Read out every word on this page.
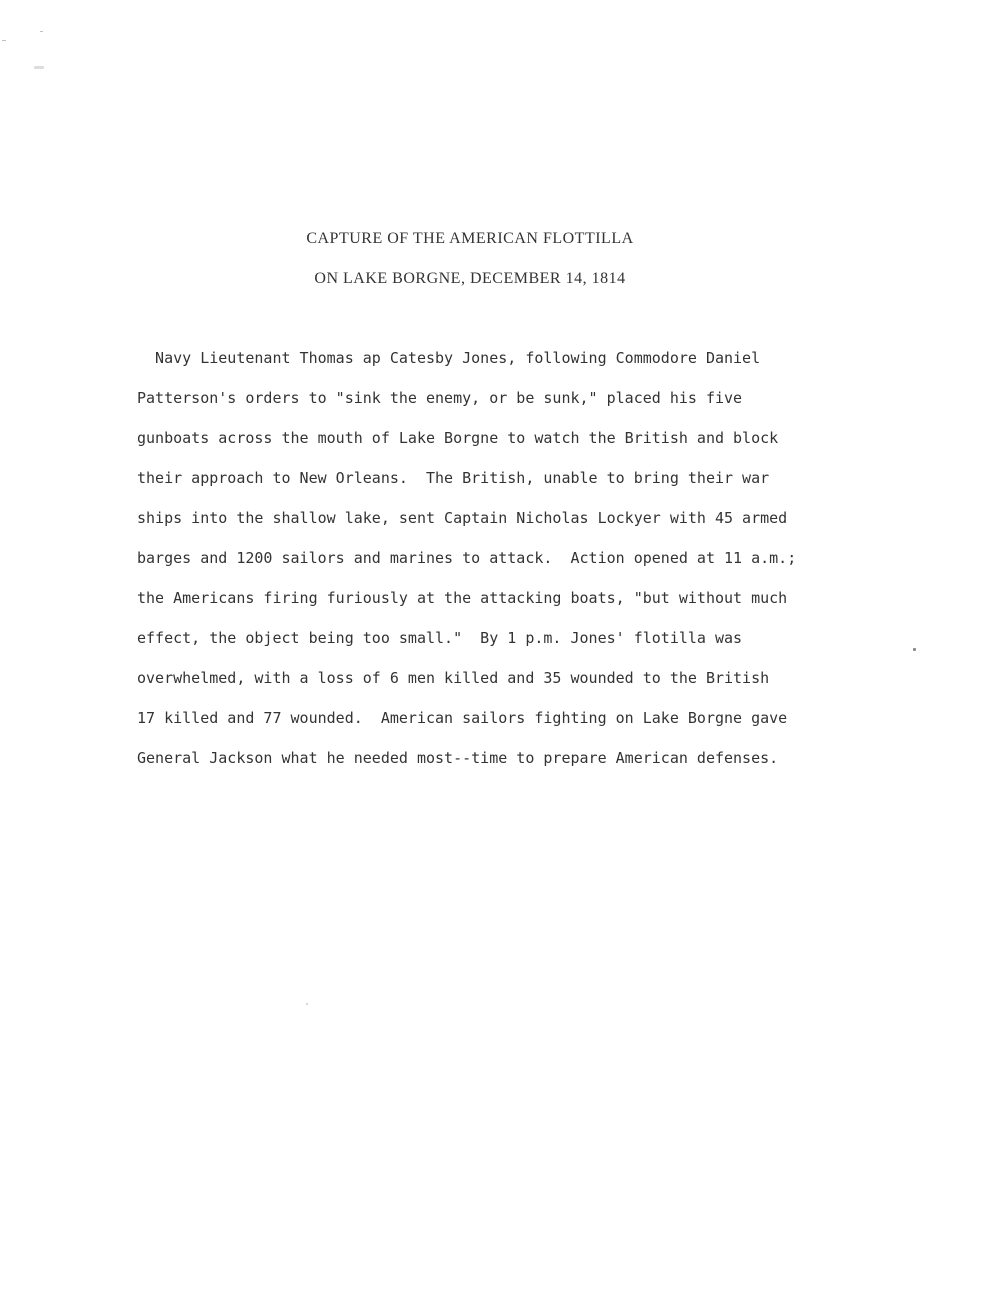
CAPTURE OF THE AMERICAN FLOTTILLA
ON LAKE BORGNE, DECEMBER 14, 1814
Navy Lieutenant Thomas ap Catesby Jones, following Commodore Daniel
Patterson's orders to "sink the enemy, or be sunk," placed his five
gunboats across the mouth of Lake Borgne to watch the British and block
their approach to New Orleans.  The British, unable to bring their war
ships into the shallow lake, sent Captain Nicholas Lockyer with 45 armed
barges and 1200 sailors and marines to attack.  Action opened at 11 a.m.;
the Americans firing furiously at the attacking boats, "but without much
effect, the object being too small."  By 1 p.m. Jones' flotilla was
overwhelmed, with a loss of 6 men killed and 35 wounded to the British
17 killed and 77 wounded.  American sailors fighting on Lake Borgne gave
General Jackson what he needed most--time to prepare American defenses.
